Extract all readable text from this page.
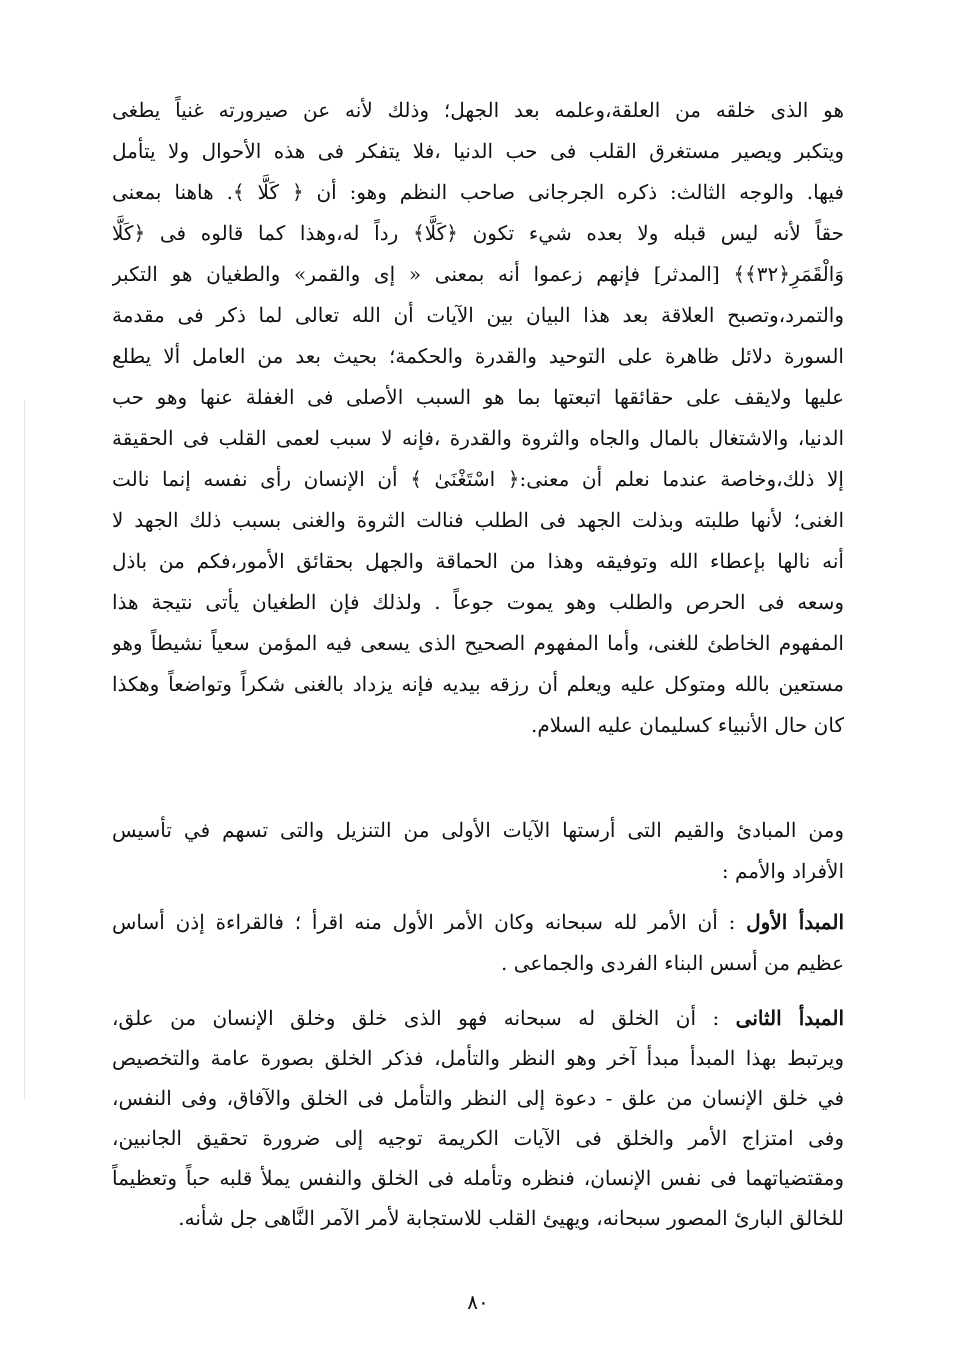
هو الذى خلقه من العلقة،وعلمه بعد الجهل؛ وذلك لأنه عن صيرورته غنياً يطغى
ويتكبر ويصير مستغرق القلب فى حب الدنيا ،فلا يتفكر فى هذه الأحوال ولا يتأمل
فيها. والوجه الثالث: ذكره الجرجانى صاحب النظم وهو: أن ﴿ كَلَّا ﴾. هاهنا بمعنى
حقاً لأنه ليس قبله ولا بعده شيء تكون ﴿كَلَّا﴾ رداً له،وهذا كما قالوه فى ﴿كَلَّا
وَالْقَمَرِ﴿٣٢﴾﴾ [المدثر] فإنهم زعموا أنه بمعنى « إى والقمر» والطغيان هو التكبر
والتمرد،وتصبح العلاقة بعد هذا البيان بين الآيات أن الله تعالى لما ذكر فى مقدمة
السورة دلائل ظاهرة على التوحيد والقدرة والحكمة؛ بحيث بعد من العامل ألا يطلع
عليها ولايقف على حقائقها اتبعتها بما هو السبب الأصلى فى الغفلة عنها وهو حب
الدنيا، والاشتغال بالمال والجاه والثروة والقدرة ،فإنه لا سبب لعمى القلب فى الحقيقة
إلا ذلك،وخاصة عندما نعلم أن معنى:﴿ اسْتَغْنَىٰ ﴾ أن الإنسان رأى نفسه إنما نالت
الغنى؛ لأنها طلبته وبذلت الجهد فى الطلب فنالت الثروة والغنى بسبب ذلك الجهد لا
أنه نالها بإعطاء الله وتوفيقه وهذا من الحماقة والجهل بحقائق الأمور،فكم من باذل
وسعه فى الحرص والطلب وهو يموت جوعاً . ولذلك فإن الطغيان يأتى نتيجة هذا
المفهوم الخاطئ للغنى، وأما المفهوم الصحيح الذى يسعى فيه المؤمن سعياً نشيطاً وهو
مستعين بالله ومتوكل عليه ويعلم أن رزقه بيديه فإنه يزداد بالغنى شكراً وتواضعاً وهكذا
كان حال الأنبياء كسليمان عليه السلام.
ومن المبادئ والقيم التى أرستها الآيات الأولى من التنزيل والتى تسهم في تأسيس
الأفراد والأمم :
المبدأ الأول : أن الأمر لله سبحانه وكان الأمر الأول منه اقرأ ؛ فالقراءة إذن أساس
عظيم من أسس البناء الفردى والجماعى .
المبدأ الثانى : أن الخلق له سبحانه فهو الذى خلق وخلق الإنسان من علق،
ويرتبط بهذا المبدأ مبدأ آخر وهو النظر والتأمل، فذكر الخلق بصورة عامة والتخصيص
في خلق الإنسان من علق - دعوة إلى النظر والتأمل فى الخلق والآفاق، وفى النفس،
وفى امتزاج الأمر والخلق فى الآيات الكريمة توجيه إلى ضرورة تحقيق الجانبين،
ومقتضياتهما فى نفس الإنسان، فنظره وتأمله فى الخلق والنفس يملأ قلبه حباً وتعظيماً
للخالق البارئ المصور سبحانه، ويهيئ القلب للاستجابة لأمر الآمر النَّاهى جل شأنه.
٨٠
